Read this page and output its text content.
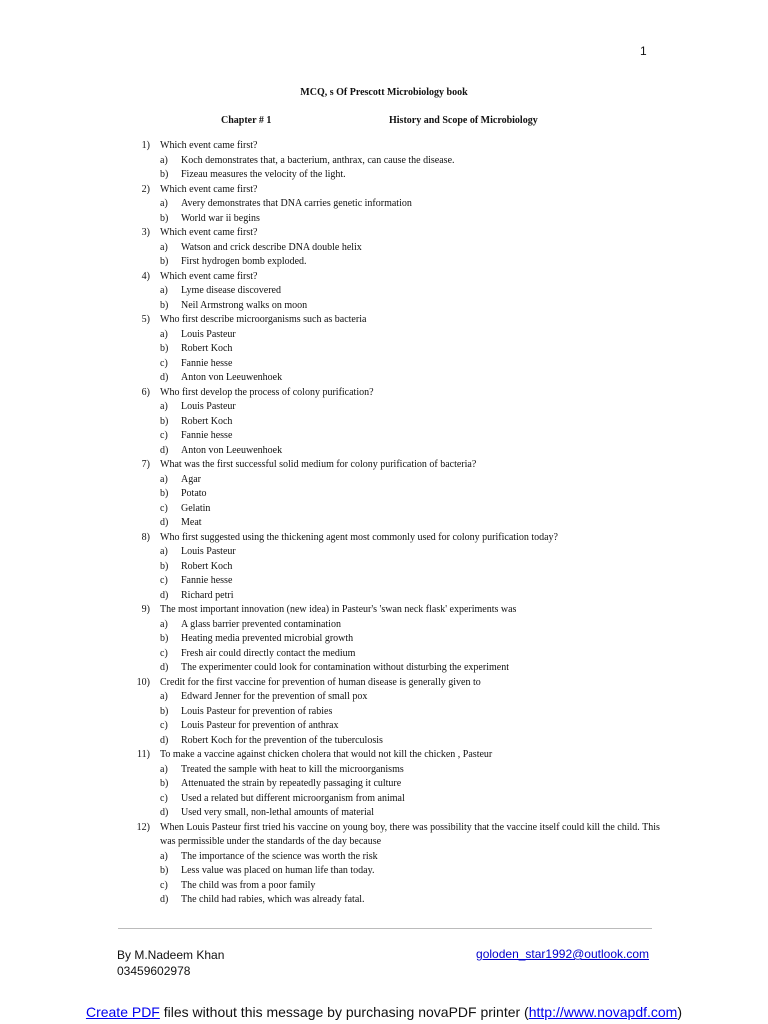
1
MCQ, s Of Prescott Microbiology book
Chapter # 1	History and Scope of Microbiology
1) Which event came first?
a) Koch demonstrates that, a bacterium, anthrax, can cause the disease.
b) Fizeau measures the velocity of the light.
2) Which event came first?
a) Avery demonstrates that DNA carries genetic information
b) World war ii begins
3) Which event came first?
a) Watson and crick describe DNA double helix
b) First hydrogen bomb exploded.
4) Which event came first?
a) Lyme disease discovered
b) Neil Armstrong walks on moon
5) Who first describe microorganisms such as bacteria
a) Louis Pasteur
b) Robert Koch
c) Fannie hesse
d) Anton von Leeuwenhoek
6) Who first develop the process of colony purification?
a) Louis Pasteur
b) Robert Koch
c) Fannie hesse
d) Anton von Leeuwenhoek
7) What was the first successful solid medium for colony purification of bacteria?
a) Agar
b) Potato
c) Gelatin
d) Meat
8) Who first suggested using the thickening agent most commonly used for colony purification today?
a) Louis Pasteur
b) Robert Koch
c) Fannie hesse
d) Richard petri
9) The most important innovation (new idea) in Pasteur's 'swan neck flask' experiments was
a) A glass barrier prevented contamination
b) Heating media prevented microbial growth
c) Fresh air could directly contact the medium
d) The experimenter could look for contamination without disturbing the experiment
10) Credit for the first vaccine for prevention of human disease is generally given to
a) Edward Jenner for the prevention of small pox
b) Louis Pasteur for prevention of rabies
c) Louis Pasteur for prevention of anthrax
d) Robert Koch for the prevention of the tuberculosis
11) To make a vaccine against chicken cholera that would not kill the chicken , Pasteur
a) Treated the sample with heat to kill the microorganisms
b) Attenuated the strain by repeatedly passaging it culture
c) Used a related but different microorganism from animal
d) Used very small, non-lethal amounts of material
12) When Louis Pasteur first tried his vaccine on young boy, there was possibility that the vaccine itself could kill the child. This was permissible under the standards of the day because
a) The importance of the science was worth the risk
b) Less value was placed on human life than today.
c) The child was from a poor family
d) The child had rabies, which was already fatal.
By M.Nadeem Khan
03459602978
goloden_star1992@outlook.com
Create PDF files without this message by purchasing novaPDF printer (http://www.novapdf.com)
